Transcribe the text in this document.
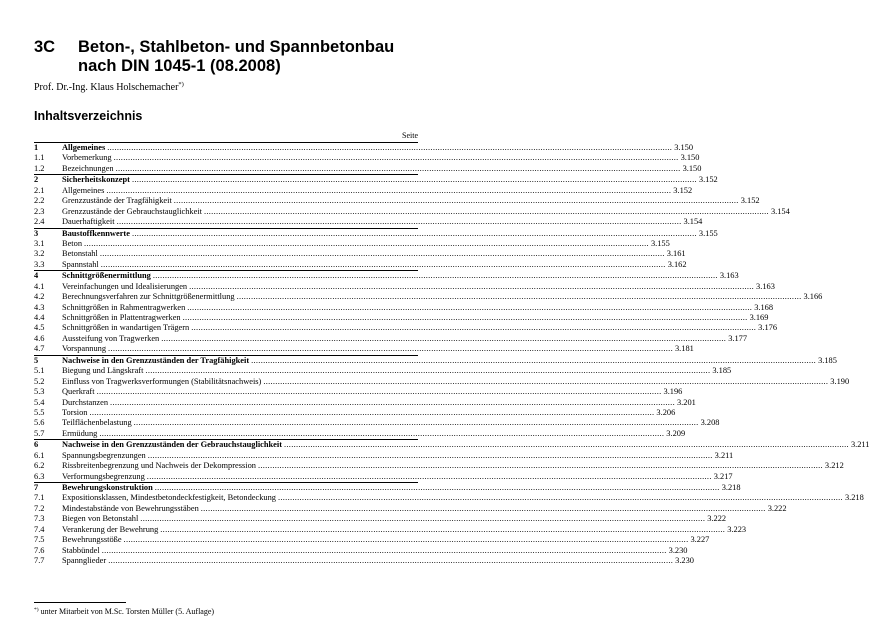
3C Beton-, Stahlbeton- und Spannbetonbau
nach DIN 1045-1 (08.2008)
Prof. Dr.-Ing. Klaus Holschemacher*)
Inhaltsverzeichnis
Seite
1	Allgemeines .....	3.150
1.1	Vorbemerkung .....	3.150
1.2	Bezeichnungen .....	3.150
2	Sicherheitskonzept .....	3.152
2.1	Allgemeines .....	3.152
2.2	Grenzzustände der Tragfähigkeit .....	3.152
2.3	Grenzzustände der Gebrauchstauglichkeit .....	3.154
2.4	Dauerhaftigkeit .....	3.154
3	Baustoffkennwerte .....	3.155
3.1	Beton .....	3.155
3.2	Betonstahl .....	3.161
3.3	Spannstahl .....	3.162
4	Schnittgrößenermittlung .....	3.163
4.1	Vereinfachungen und Idealisierungen .....	3.163
4.2	Berechnungsverfahren zur Schnittgrößenermittlung .....	3.166
4.3	Schnittgrößen in Rahmentragwerken .....	3.168
4.4	Schnittgrößen in Plattentragwerken .....	3.169
4.5	Schnittgrößen in wandartigen Trägern .....	3.176
4.6	Aussteifung von Tragwerken .....	3.177
4.7	Vorspannung .....	3.181
5	Nachweise in den Grenzzuständen der Tragfähigkeit .....	3.185
5.1	Biegung und Längskraft .....	3.185
5.2	Einfluss von Tragwerksverformungen (Stabilitätsnachweis) .....	3.190
5.3	Querkraft .....	3.196
5.4	Durchstanzen .....	3.201
5.5	Torsion .....	3.206
5.6	Teilflächenbelastung .....	3.208
5.7	Ermüdung .....	3.209
6	Nachweise in den Grenzzuständen der Gebrauchstauglichkeit .....	3.211
6.1	Spannungsbegrenzungen .....	3.211
6.2	Rissbreitenbegrenzung und Nachweis der Dekompression .....	3.212
6.3	Verformungsbegrenzung .....	3.217
7	Bewehrungskonstruktion .....	3.218
7.1	Expositionsklassen, Mindestbetondeckfestigkeit, Betondeckung .....	3.218
7.2	Mindestabstände von Bewehrungsstäben .....	3.222
7.3	Biegen von Betonstahl .....	3.222
7.4	Verankerung der Bewehrung .....	3.223
7.5	Bewehrungsstöße .....	3.227
7.6	Stabbündel .....	3.230
7.7	Spannglieder .....	3.230
*) unter Mitarbeit von M.Sc. Torsten Müller (5. Auflage)
